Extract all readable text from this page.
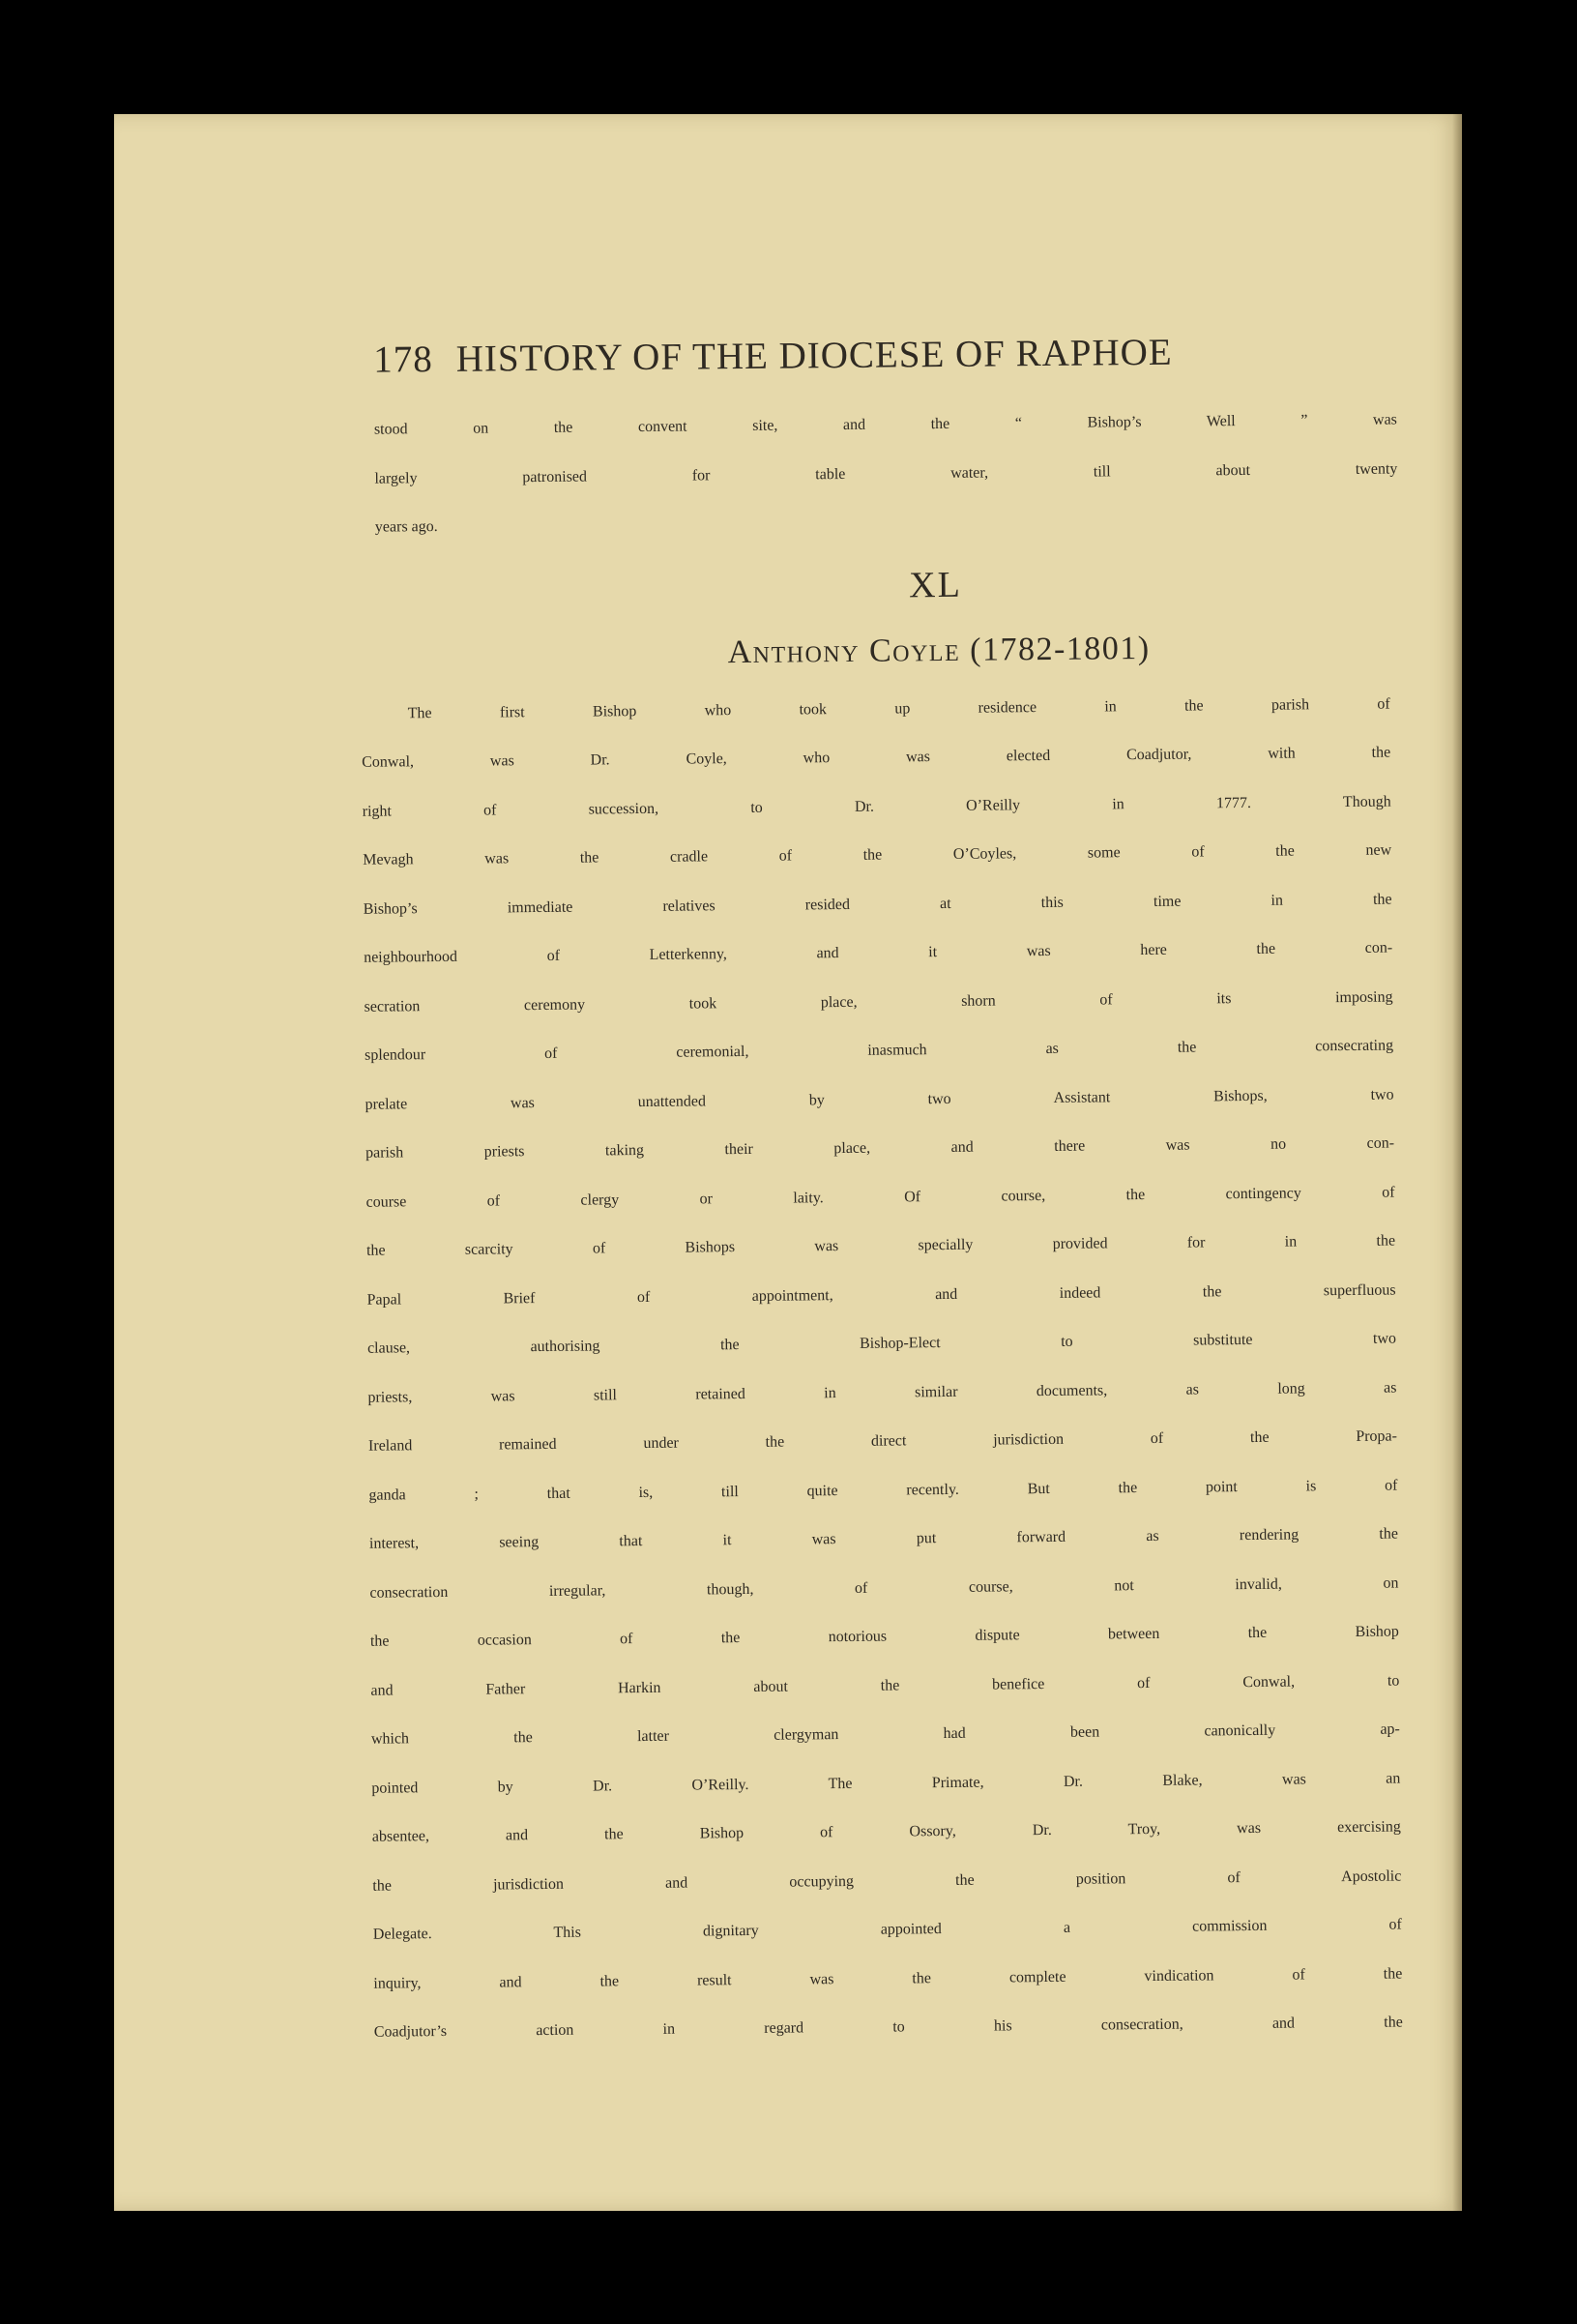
178 HISTORY OF THE DIOCESE OF RAPHOE
stood on the convent site, and the “ Bishop’s Well ” was
largely patronised for table water, till about twenty
years ago.
XL
Anthony Coyle (1782-1801)
The first Bishop who took up residence in the parish of
Conwal, was Dr. Coyle, who was elected Coadjutor, with the
right of succession, to Dr. O’Reilly in 1777. Though
Mevagh was the cradle of the O’Coyles, some of the new
Bishop’s immediate relatives resided at this time in the
neighbourhood of Letterkenny, and it was here the con-
secration ceremony took place, shorn of its imposing
splendour of ceremonial, inasmuch as the consecrating
prelate was unattended by two Assistant Bishops, two
parish priests taking their place, and there was no con-
course of clergy or laity. Of course, the contingency of
the scarcity of Bishops was specially provided for in the
Papal Brief of appointment, and indeed the superfluous
clause, authorising the Bishop-Elect to substitute two
priests, was still retained in similar documents, as long as
Ireland remained under the direct jurisdiction of the Propa-
ganda ; that is, till quite recently. But the point is of
interest, seeing that it was put forward as rendering the
consecration irregular, though, of course, not invalid, on
the occasion of the notorious dispute between the Bishop
and Father Harkin about the benefice of Conwal, to
which the latter clergyman had been canonically ap-
pointed by Dr. O’Reilly. The Primate, Dr. Blake, was an
absentee, and the Bishop of Ossory, Dr. Troy, was exercising
the jurisdiction and occupying the position of Apostolic
Delegate. This dignitary appointed a commission of
inquiry, and the result was the complete vindication of the
Coadjutor’s action in regard to his consecration, and the
